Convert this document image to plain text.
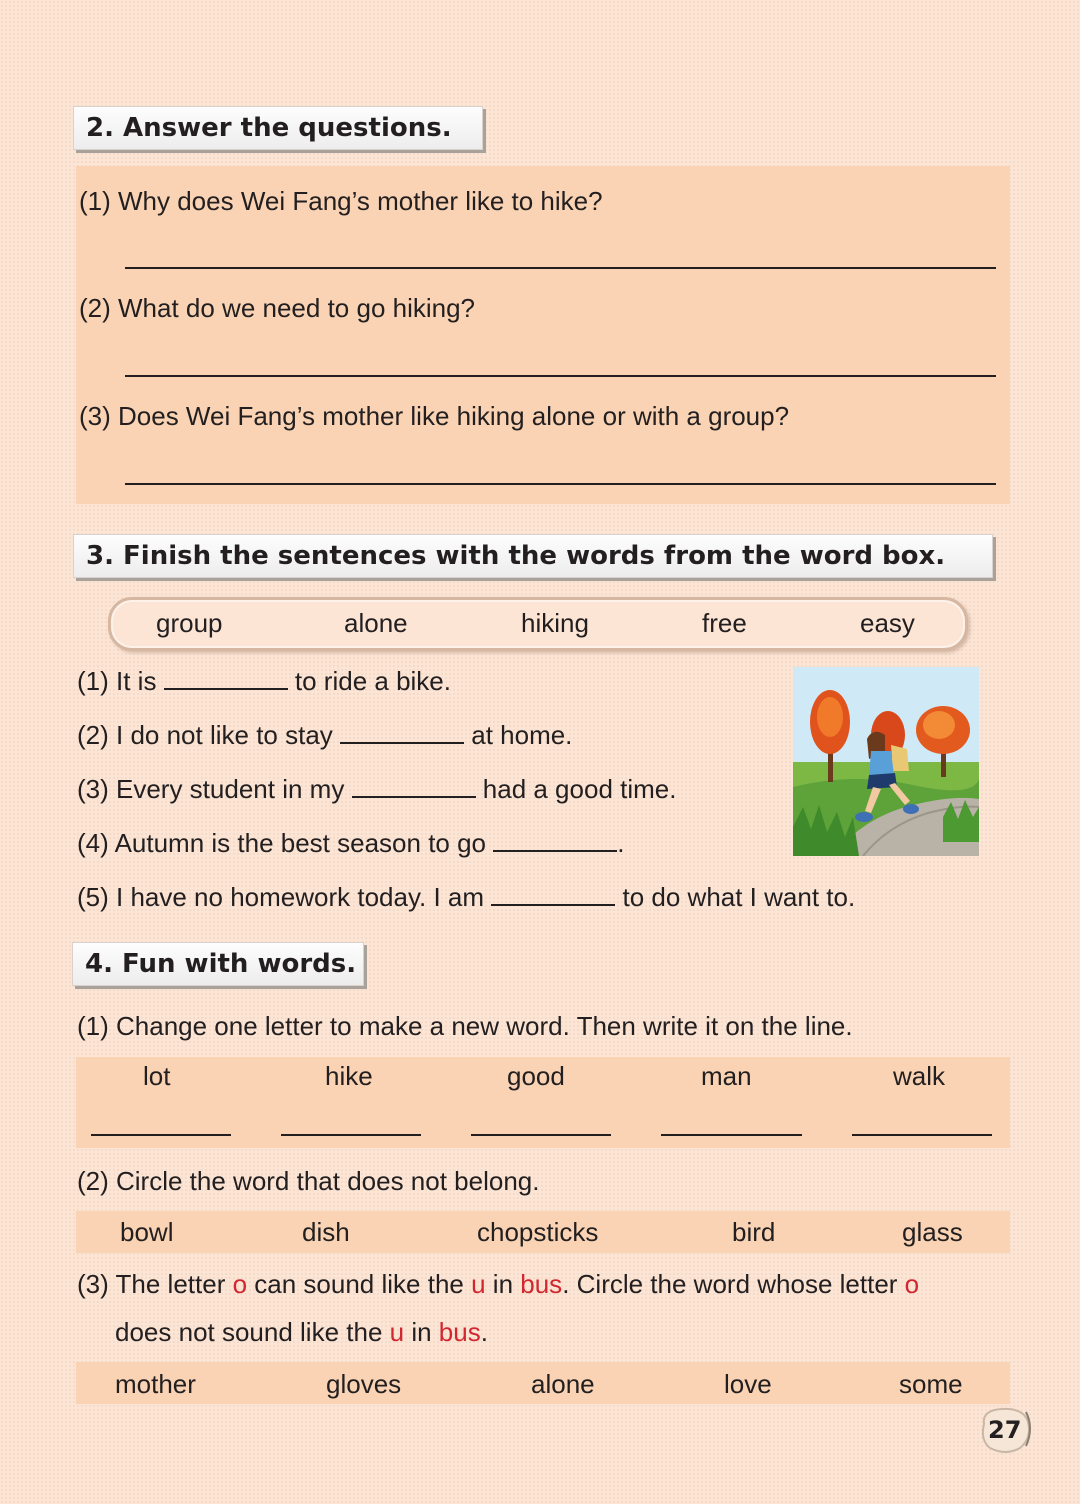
2. Answer the questions.
(1) Why does Wei Fang’s mother like to hike?
(2) What do we need to go hiking?
(3) Does Wei Fang’s mother like hiking alone or with a group?
3. Finish the sentences with the words from the word box.
group	alone	hiking	free	easy
(1) It is	to ride a bike.
(2) I do not like to stay	at home.
(3) Every student in my	had a good time.
(4) Autumn is the best season to go	.
(5) I have no homework today. I am	to do what I want to.
4. Fun with words.
(1) Change one letter to make a new word. Then write it on the line.
lot	hike	good	man	walk
(2) Circle the word that does not belong.
bowl	dish	chopsticks	bird	glass
(3) The letter o can sound like the u in bus. Circle the word whose letter o
does not sound like the u in bus.
mother	gloves	alone	love	some
27
